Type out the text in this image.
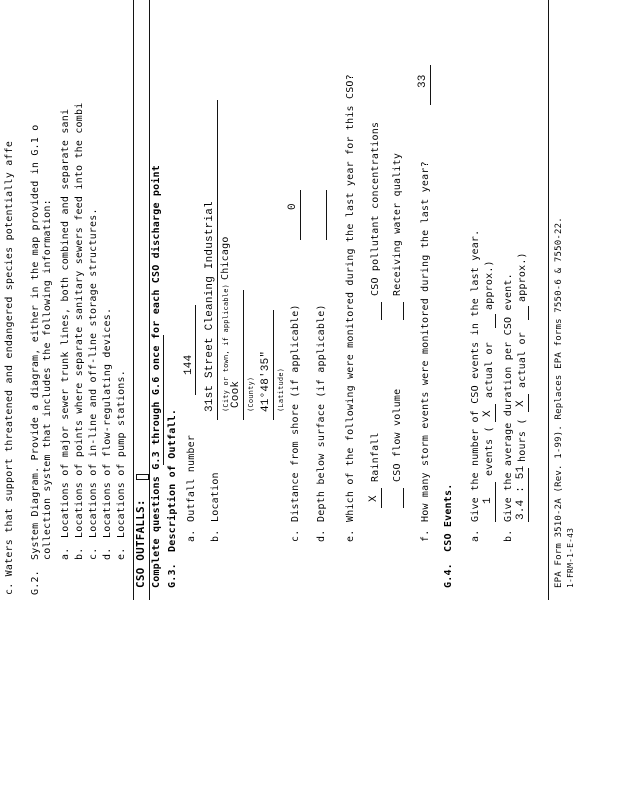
c. Waters that support threatened and endangered species potentially affe G.2.
System Diagram. Provide a diagram, either in the map provided in G.1 o collection system that includes the following information: a.
Locations of major sewer trunk lines, both combined and separate sani
b.
Locations of points where separate sanitary sewers feed into the combi
c.
Locations of in-line and off-line storage structures.
d.
Locations of flow-regulating devices.
e.
Locations of pump stations.
CSO OUTFALLS: Complete questions G.3 through G.6 once for each CSO discharge point G.3.
Description of Outfall. a.
Outfall number
144
b.
Location
31st Street Cleaning Industrial (City or town, if applicable)
Chicago
Cook (County) 41°48'35" (Latitude)
c.
Distance from shore (if applicable)
0
d.
Depth below surface (if applicable)
e.
Which of the following were monitored during the last year for this CSO? X
Rainfall
CSO pollutant concentrations
CSO flow volume
Receiving water quality
f.
How many storm events were monitored during the last year?
33
G.4.
CSO Events. a.
Give the number of CSO events in the last year. 1
events (
X
actual or
approx.)
b.
Give the average duration per CSO event. 3.4 : 51
hours (
X
actual or
approx.)	EPA Form 3510-2A (Rev. 1-99). Replaces EPA forms 7550-6 & 7550-22. 1-FRM-1-E-43
